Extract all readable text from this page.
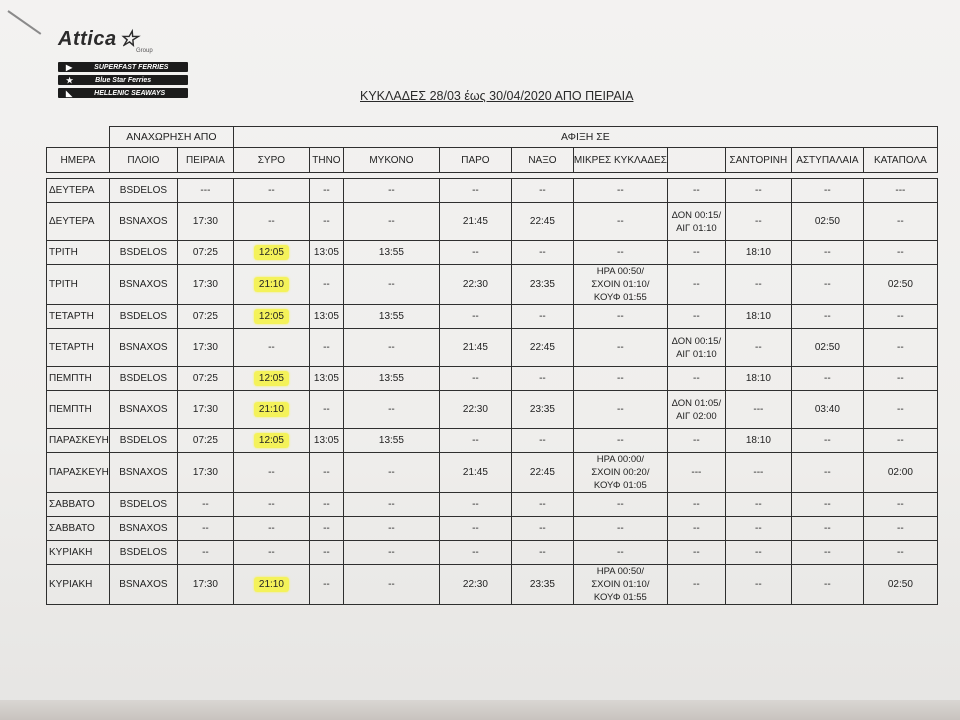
Attica ☆
Group
▶	SUPERFAST FERRIES
★	Blue Star Ferries
◣	HELLENIC SEAWAYS	ΚΥΚΛΑΔΕΣ 28/03 έως 30/04/2020 ΑΠΟ ΠΕΙΡΑΙΑ
	ΑΝΑΧΩΡΗΣΗ ΑΠΟ		ΑΦΙΞΗ ΣΕ									
ΗΜΕΡΑ	ΠΛΟΙΟ	ΠΕΙΡΑΙΑ	ΣΥΡΟ	ΤΗΝΟ	ΜΥΚΟΝΟ	ΠΑΡΟ	ΝΑΞΟ	ΜΙΚΡΕΣ ΚΥΚΛΑΔΕΣ		ΣΑΝΤΟΡΙΝΗ	ΑΣΤΥΠΑΛΑΙΑ	ΚΑΤΑΠΟΛΑ

ΔΕΥΤΕΡΑ	BSDELOS	---	--	--	--	--	--	--	--	--	--	---
ΔΕΥΤΕΡΑ	BSNAXOS	17:30	--	--	--	21:45	22:45	--	ΔΟΝ 00:15/
ΑΙΓ 01:10	--	02:50	--
ΤΡΙΤΗ	BSDELOS	07:25	12:05	13:05	13:55	--	--	--	--	18:10	--	--
ΤΡΙΤΗ	BSNAXOS	17:30	21:10	--	--	22:30	23:35	ΗΡΑ 00:50/
ΣΧΟΙΝ 01:10/
ΚΟΥΦ 01:55	--	--	--	02:50
ΤΕΤΑΡΤΗ	BSDELOS	07:25	12:05	13:05	13:55	--	--	--	--	18:10	--	--
ΤΕΤΑΡΤΗ	BSNAXOS	17:30	--	--	--	21:45	22:45	--	ΔΟΝ 00:15/
ΑΙΓ 01:10	--	02:50	--
ΠΕΜΠΤΗ	BSDELOS	07:25	12:05	13:05	13:55	--	--	--	--	18:10	--	--
ΠΕΜΠΤΗ	BSNAXOS	17:30	21:10	--	--	22:30	23:35	--	ΔΟΝ 01:05/
ΑΙΓ 02:00	---	03:40	--
ΠΑΡΑΣΚΕΥΗ	BSDELOS	07:25	12:05	13:05	13:55	--	--	--	--	18:10	--	--
ΠΑΡΑΣΚΕΥΗ	BSNAXOS	17:30	--	--	--	21:45	22:45	ΗΡΑ 00:00/
ΣΧΟΙΝ 00:20/
ΚΟΥΦ 01:05	---	---	--	02:00
ΣΑΒΒΑΤΟ	BSDELOS	--	--	--	--	--	--	--	--	--	--	--
ΣΑΒΒΑΤΟ	BSNAXOS	--	--	--	--	--	--	--	--	--	--	--
ΚΥΡΙΑΚΗ	BSDELOS	--	--	--	--	--	--	--	--	--	--	--
ΚΥΡΙΑΚΗ	BSNAXOS	17:30	21:10	--	--	22:30	23:35	ΗΡΑ 00:50/
ΣΧΟΙΝ 01:10/
ΚΟΥΦ 01:55	--	--	--	02:50
